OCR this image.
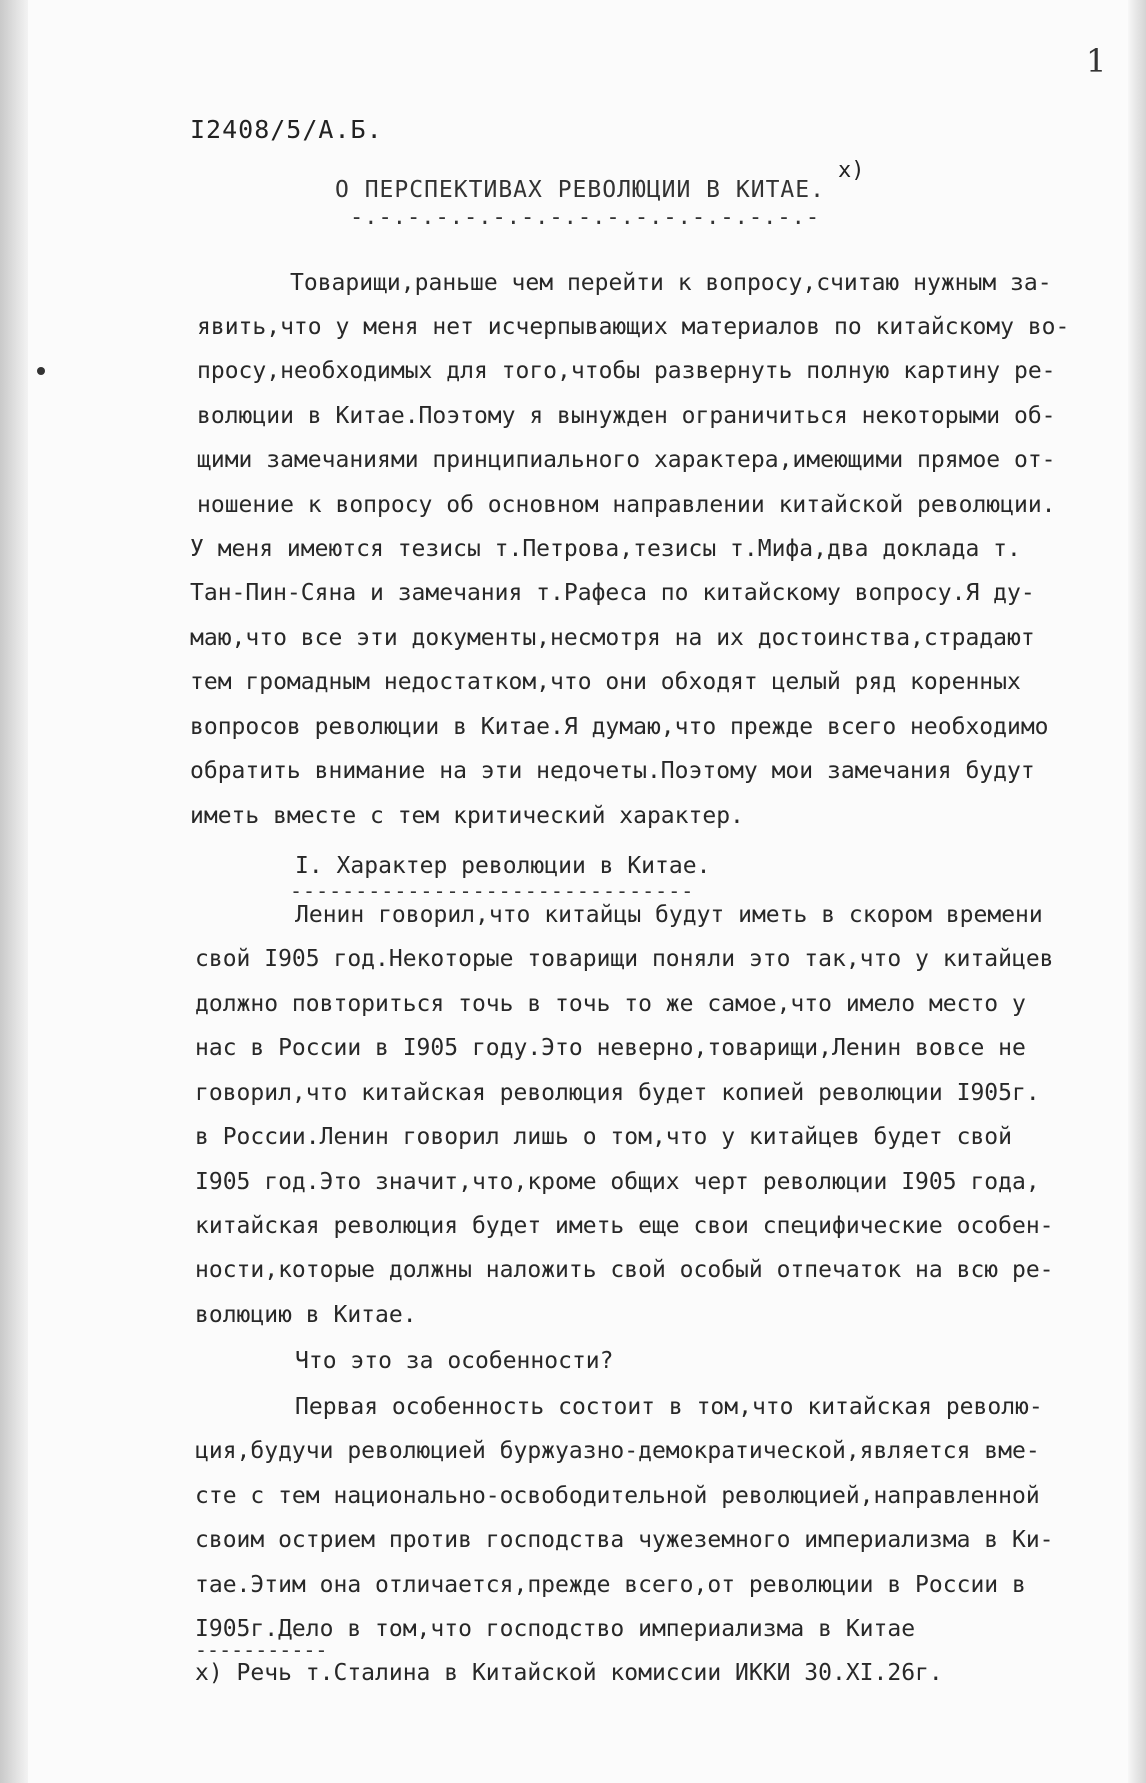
1
I2408/5/А.Б.
О ПЕРСПЕКТИВАХ РЕВОЛЮЦИИ В КИТАЕ.
х)
-.-.-.-.-.-.-.-.-.-.-.-.-.-.-.-.-
Товарищи,раньше чем перейти к вопросу,считаю нужным за-
явить,что у меня нет исчерпывающих материалов по китайскому во-
просу,необходимых для того,чтобы развернуть полную картину ре-
волюции в Китае.Поэтому я вынужден ограничиться некоторыми об-
щими замечаниями принципиального характера,имеющими прямое от-
ношение к вопросу об основном направлении китайской революции.
У меня имеются тезисы т.Петрова,тезисы т.Мифа,два доклада т.
Тан-Пин-Сяна и замечания т.Рафеса по китайскому вопросу.Я ду-
маю,что все эти документы,несмотря на их достоинства,страдают
тем громадным недостатком,что они обходят целый ряд коренных
вопросов революции в Китае.Я думаю,что прежде всего необходимо
обратить внимание на эти недочеты.Поэтому мои замечания будут
иметь вместе с тем критический характер.
I. Характер революции в Китае.
-------------------------------
Ленин говорил,что китайцы будут иметь в скором времени
свой I905 год.Некоторые товарищи поняли это так,что у китайцев
должно повториться точь в точь то же самое,что имело место у
нас в России в I905 году.Это неверно,товарищи,Ленин вовсе не
говорил,что китайская революция будет копией революции I905г.
в России.Ленин говорил лишь о том,что у китайцев будет свой
I905 год.Это значит,что,кроме общих черт революции I905 года,
китайская революция будет иметь еще свои специфические особен-
ности,которые должны наложить свой особый отпечаток на всю ре-
волюцию в Китае.
Что это за особенности?
Первая особенность состоит в том,что китайская револю-
ция,будучи революцией буржуазно-демократической,является вме-
сте с тем национально-освободительной революцией,направленной
своим острием против господства чужеземного империализма в Ки-
тае.Этим она отличается,прежде всего,от революции в России в
I905г.Дело в том,что господство империализма в Китае
-----------
х) Речь т.Сталина в Китайской комиссии ИККИ 30.XI.26г.
